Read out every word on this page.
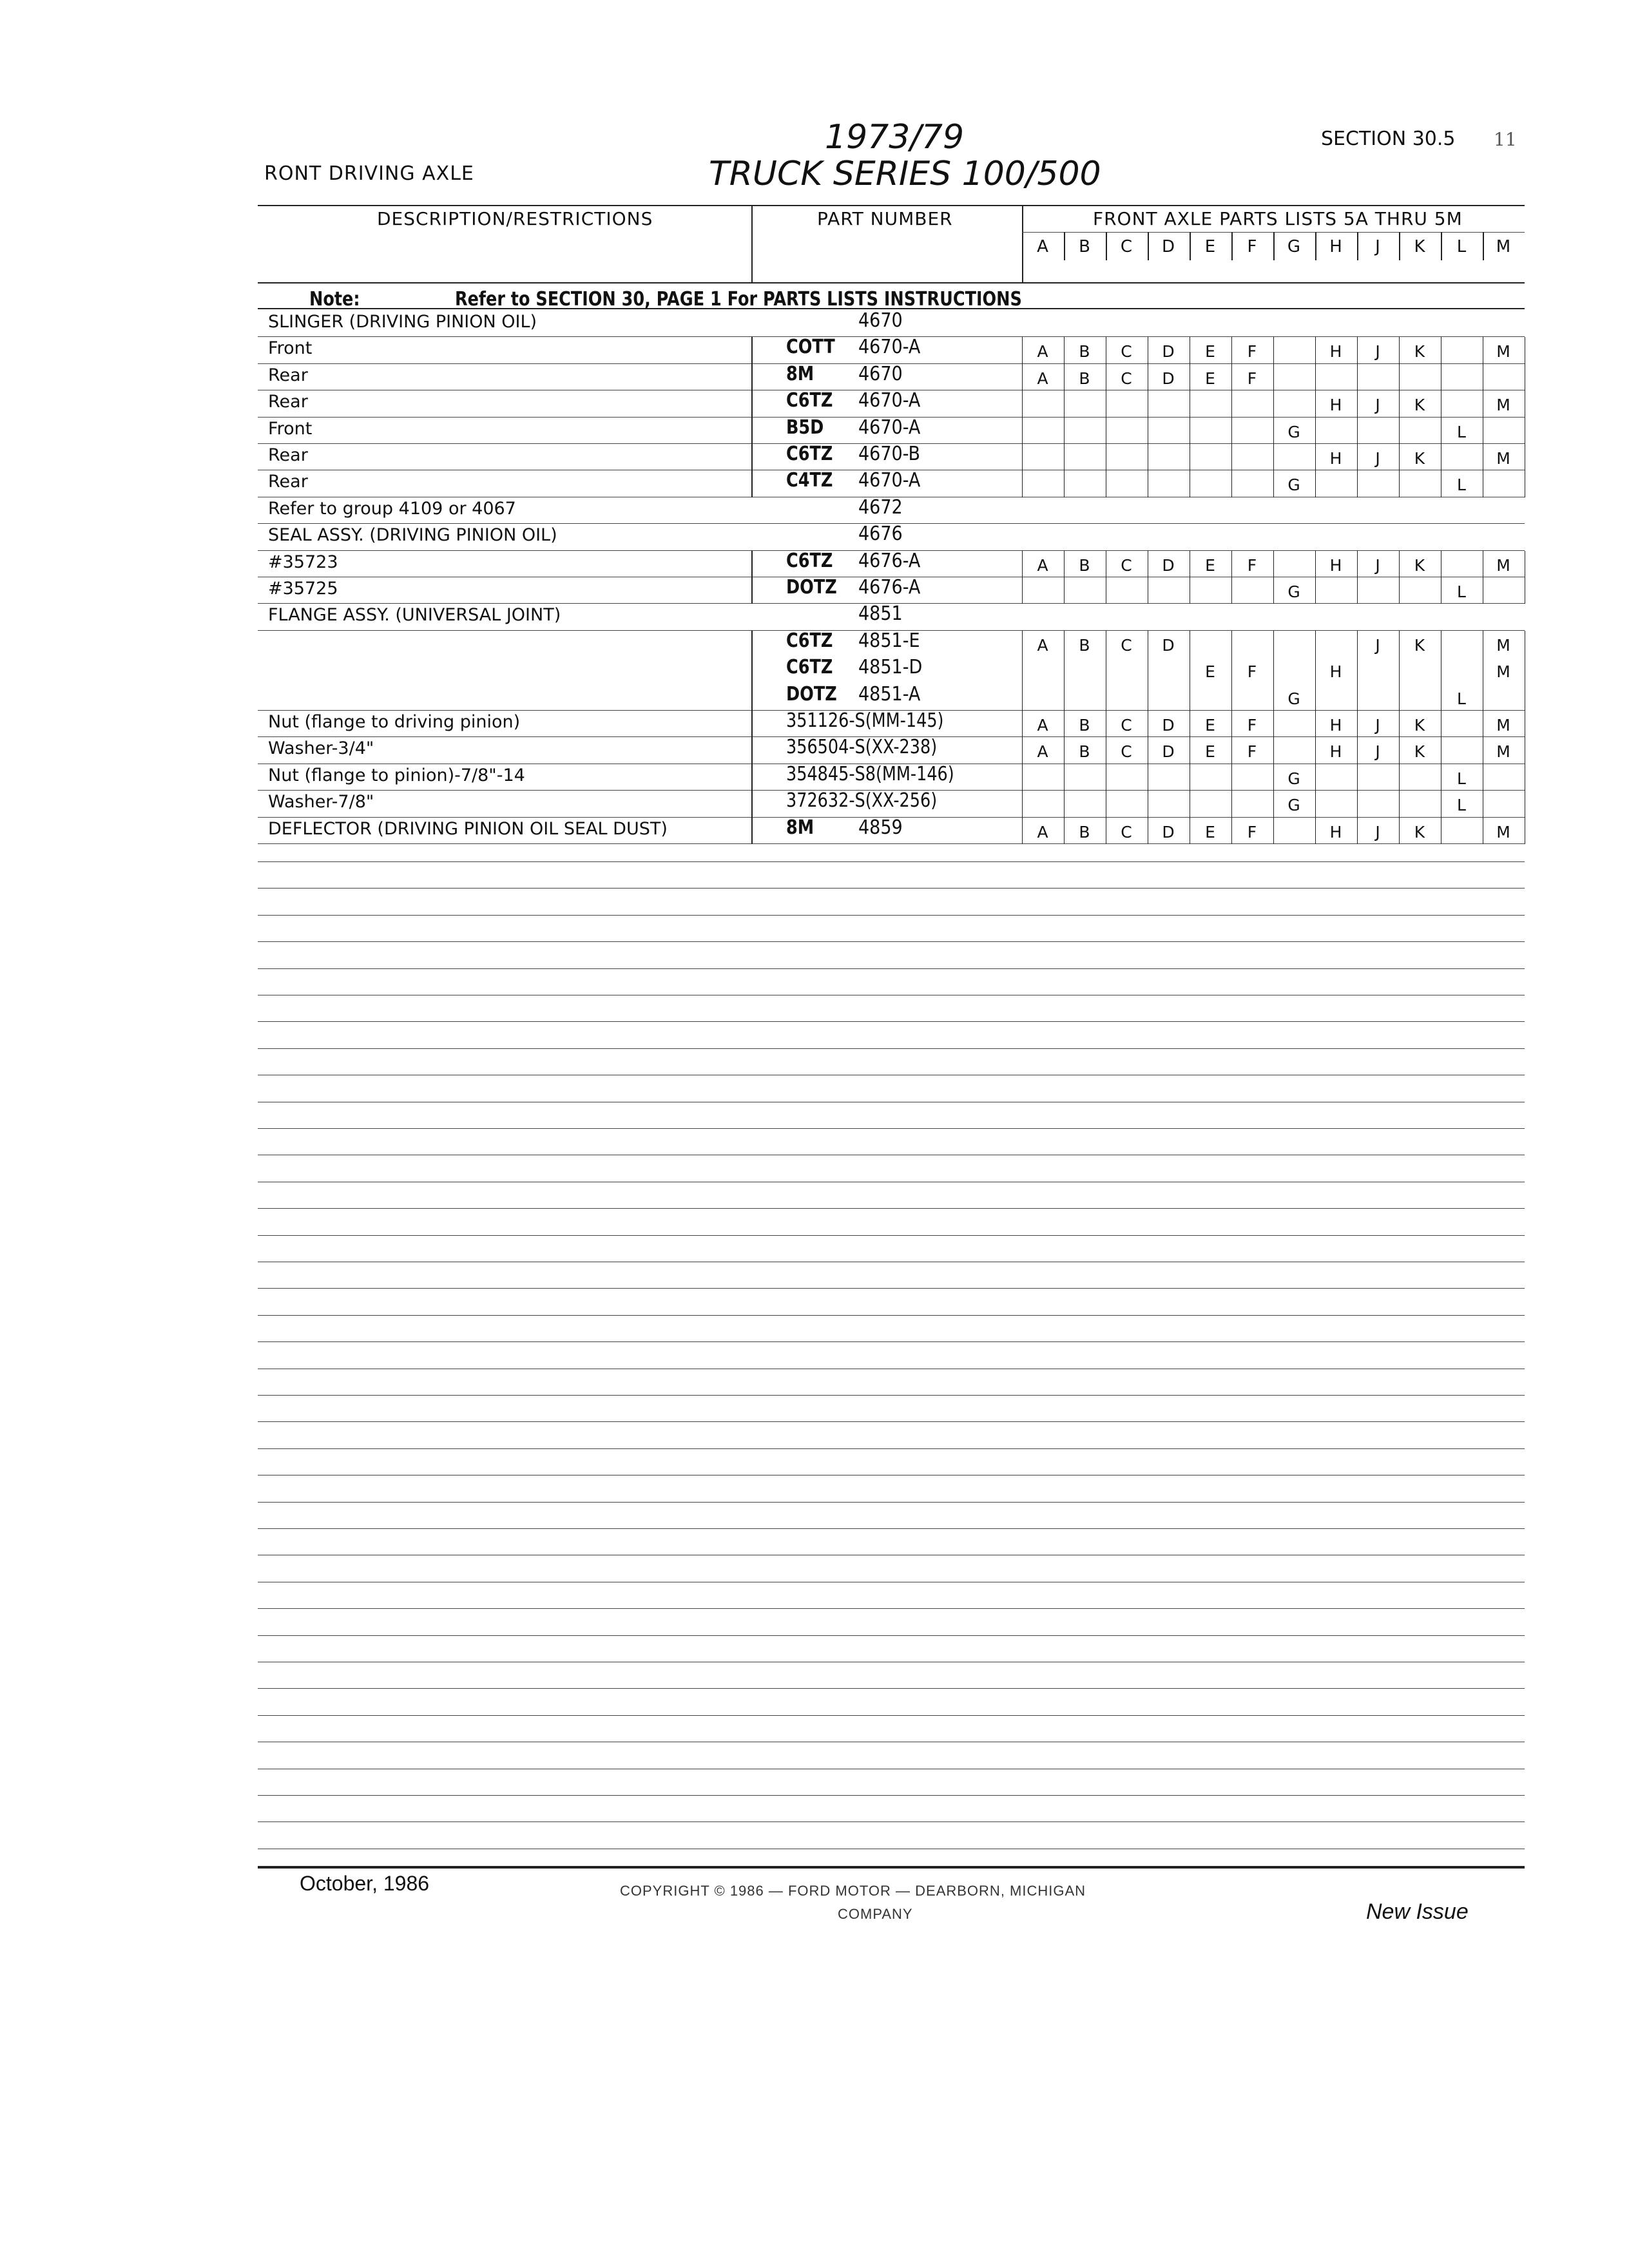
RONT DRIVING AXLE
1973/79
TRUCK SERIES 100/500
SECTION 30.5 11
DESCRIPTION/RESTRICTIONS	PART NUMBER	FRONT AXLE PARTS LISTS 5A THRU 5M
A	B	C	D	E	F	G	H	J	K	L	M
Note:	Refer to SECTION 30, PAGE 1 For PARTS LISTS INSTRUCTIONS
SLINGER (DRIVING PINION OIL)	4670
Front	COTT 4670-A	A	B	C	D	E	F	H	J	K	M
Rear	8M 4670	A	B	C	D	E	F
Rear	C6TZ 4670-A	H	J	K	M
Front	B5D 4670-A	G	L
Rear	C6TZ 4670-B	H	J	K	M
Rear	C4TZ 4670-A	G	L
Refer to group 4109 or 4067	4672
SEAL ASSY. (DRIVING PINION OIL)	4676
#35723	C6TZ 4676-A	A	B	C	D	E	F	H	J	K	M
#35725	DOTZ 4676-A	G	L
FLANGE ASSY. (UNIVERSAL JOINT)	4851
C6TZ 4851-E	A	B	C	D	J	K	M
C6TZ 4851-D	E	F	H	M
DOTZ 4851-A	G	L
Nut (flange to driving pinion)	351126-S(MM-145)	A	B	C	D	E	F	H	J	K	M
Washer-3/4"	356504-S(XX-238)	A	B	C	D	E	F	H	J	K	M
Nut (flange to pinion)-7/8"-14	354845-S8(MM-146)	G	L
Washer-7/8"	372632-S(XX-256)	G	L
DEFLECTOR (DRIVING PINION OIL SEAL DUST)	8M 4859	A	B	C	D	E	F	H	J	K	M
October, 1986	COPYRIGHT © 1986 — FORD MOTOR — DEARBORN, MICHIGAN
COMPANY	New Issue
